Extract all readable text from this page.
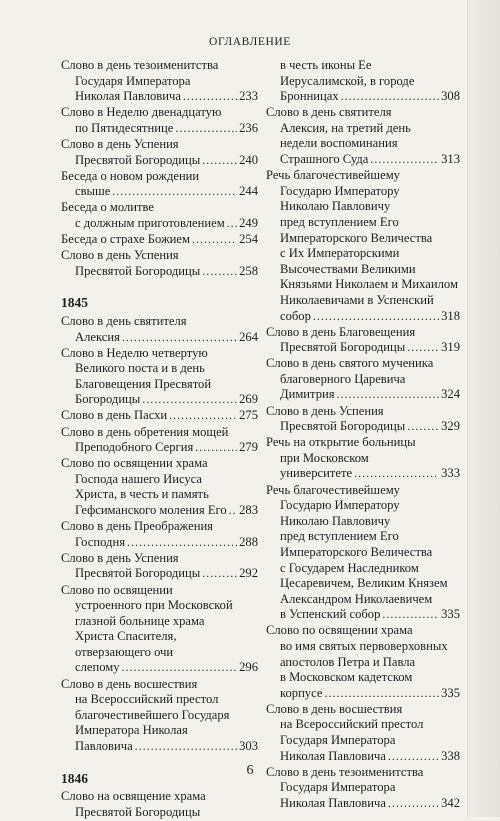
ОГЛАВЛЕНИЕ
Слово в день тезоименитства
Государя Императора
Николая Павловича . . .	233
Слово в Неделю двенадцатую
по Пятидесятнице . . .	236
Слово в день Успения
Пресвятой Богородицы . . .	240
Беседа о новом рождении
свыше . . .	244
Беседа о молитве
с должным приготовлением . . . 249
Беседа о страхе Божием . . .	254
Слово в день Успения
Пресвятой Богородицы . . .	258
1845
Слово в день святителя
Алексия . . .	264
Слово в Неделю четвертую
Великого поста и в день
Благовещения Пресвятой
Богородицы . . .	269
Слово в день Пасхи . . .	275
Слово в день обретения мощей
Преподобного Сергия . . .	279
Слово по освящении храма
Господа нашего Иисуса
Христа, в честь и память
Гефсиманского моления Его . . . 283
Слово в день Преображения
Господня . . .	288
Слово в день Успения
Пресвятой Богородицы . . .	292
Слово по освящении
устроенного при Московской
глазной больнице храма
Христа Спасителя,
отверзающего очи
слепому . . .	296
Слово в день восшествия
на Всероссийский престол
благочестивейшего Государя
Императора Николая
Павловича . . .	303
1846
Слово на освящение храма
Пресвятой Богородицы
в честь иконы Ее
Иерусалимской, в городе
Бронницах . . .	308
Слово в день святителя
Алексия, на третий день
недели воспоминания
Страшного Суда . . .	313
Речь благочестивейшему
Государю Императору
Николаю Павловичу
пред вступлением Его
Императорского Величества
с Их Императорскими
Высочествами Великими
Князьями Николаем и Михаилом
Николаевичами в Успенский
собор . . .	318
Слово в день Благовещения
Пресвятой Богородицы . . .	319
Слово в день святого мученика
благоверного Царевича
Димитрия . . .	324
Слово в день Успения
Пресвятой Богородицы . . .	329
Речь на открытие больницы
при Московском
университете . . .	333
Речь благочестивейшему
Государю Императору
Николаю Павловичу
пред вступлением Его
Императорского Величества
с Государем Наследником
Цесаревичем, Великим Князем
Александром Николаевичем
в Успенский собор . . .	335
Слово по освящении храма
во имя святых первоверховных
апостолов Петра и Павла
в Московском кадетском
корпусе . . .	335
Слово в день восшествия
на Всероссийский престол
Государя Императора
Николая Павловича . . .	338
Слово в день тезоименитства
Государя Императора
Николая Павловича . . .	342
6
